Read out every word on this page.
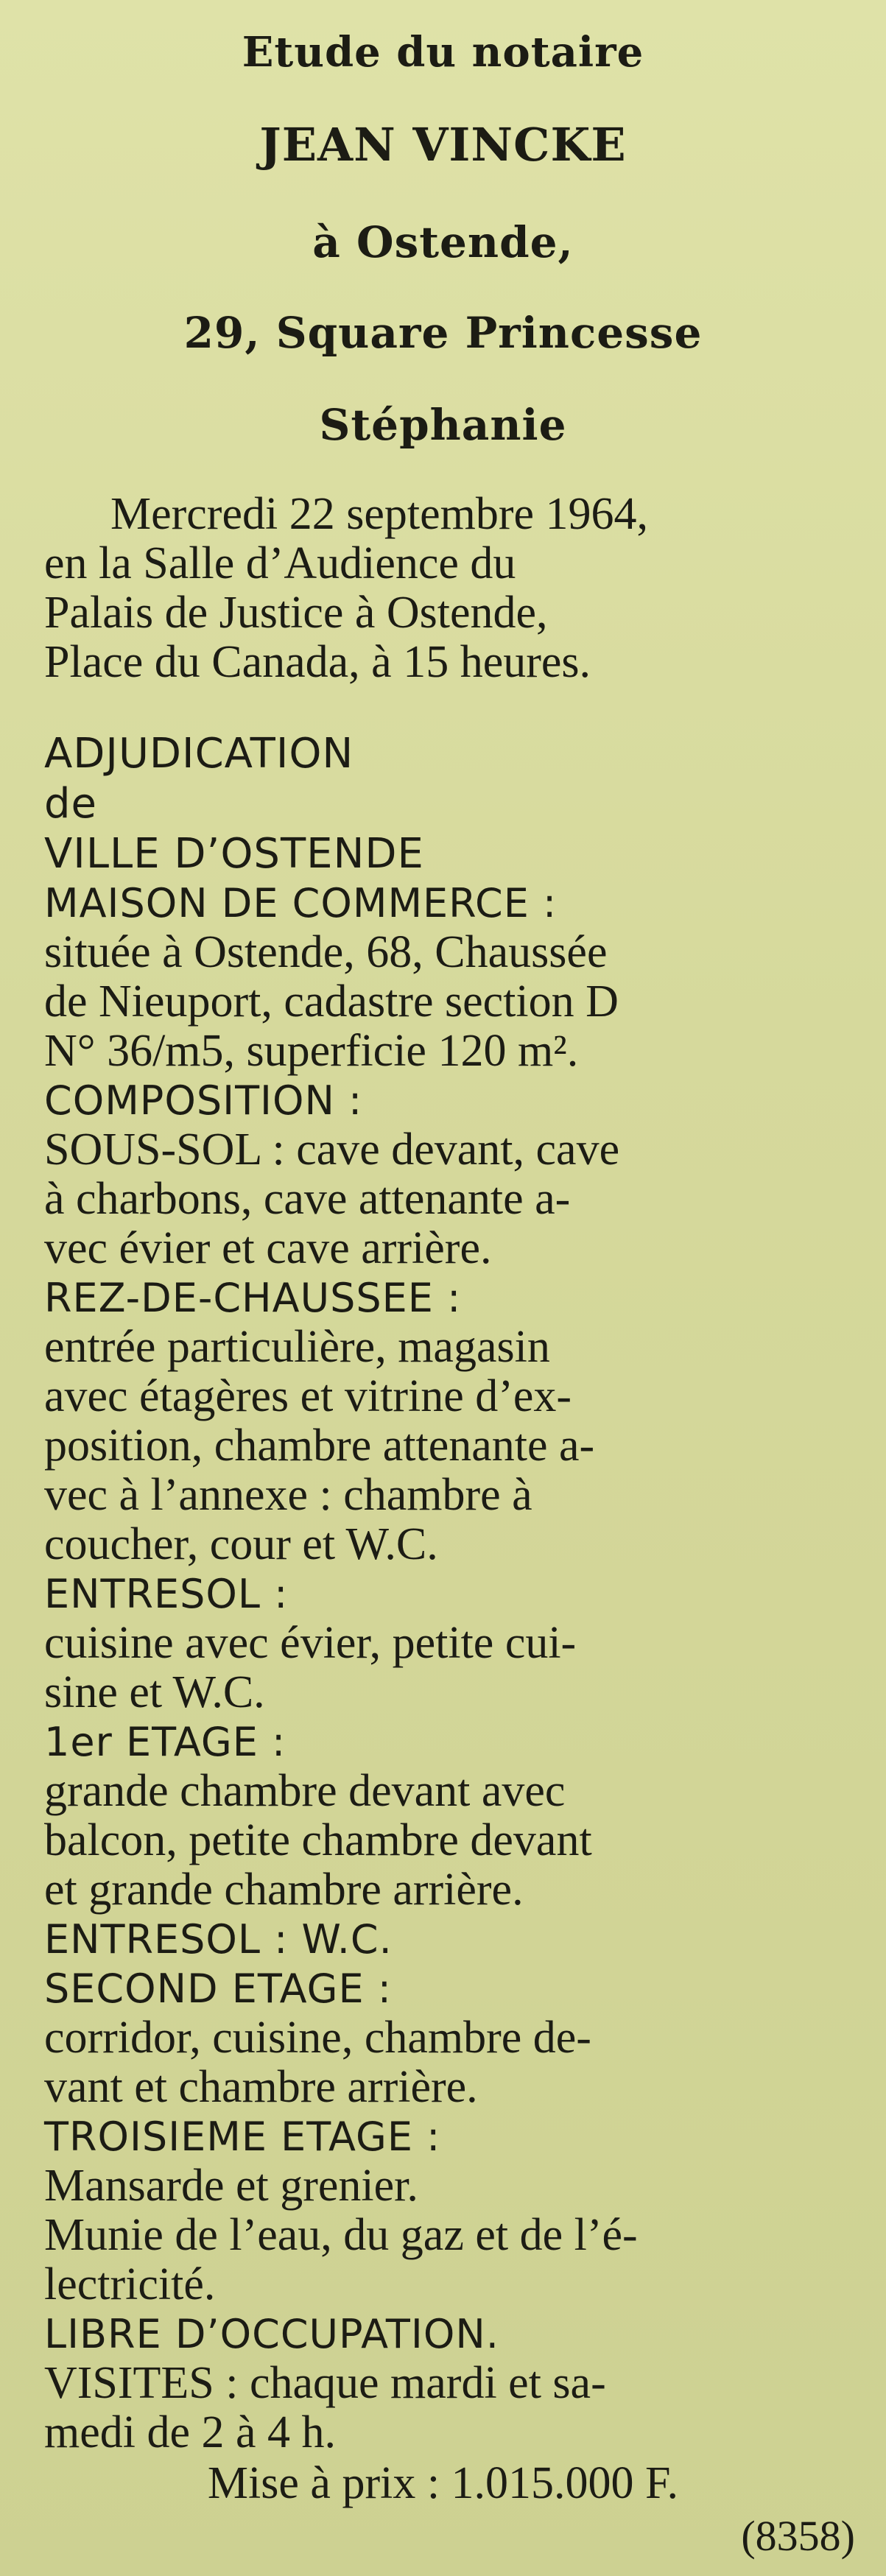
Etude du notaire
JEAN VINCKE
à Ostende,
29, Square Princesse
Stéphanie
Mercredi 22 septembre 1964,
en la Salle d’Audience du
Palais de Justice à Ostende,
Place du Canada, à 15 heures.
ADJUDICATION
de
VILLE D’OSTENDE
MAISON DE COMMERCE :
située à Ostende, 68, Chaussée
de Nieuport, cadastre section D
N° 36/m5, superficie 120 m².
COMPOSITION :
SOUS-SOL : cave devant, cave
à charbons, cave attenante a-
vec évier et cave arrière.
REZ-DE-CHAUSSEE :
entrée particulière, magasin
avec étagères et vitrine d’ex-
position, chambre attenante a-
vec à l’annexe : chambre à
coucher, cour et W.C.
ENTRESOL :
cuisine avec évier, petite cui-
sine et W.C.
1er ETAGE :
grande chambre devant avec
balcon, petite chambre devant
et grande chambre arrière.
ENTRESOL : W.C.
SECOND ETAGE :
corridor, cuisine, chambre de-
vant et chambre arrière.
TROISIEME ETAGE :
Mansarde et grenier.
Munie de l’eau, du gaz et de l’é-
lectricité.
LIBRE D’OCCUPATION.
VISITES : chaque mardi et sa-
medi de 2 à 4 h.
Mise à prix : 1.015.000 F.
(8358)
